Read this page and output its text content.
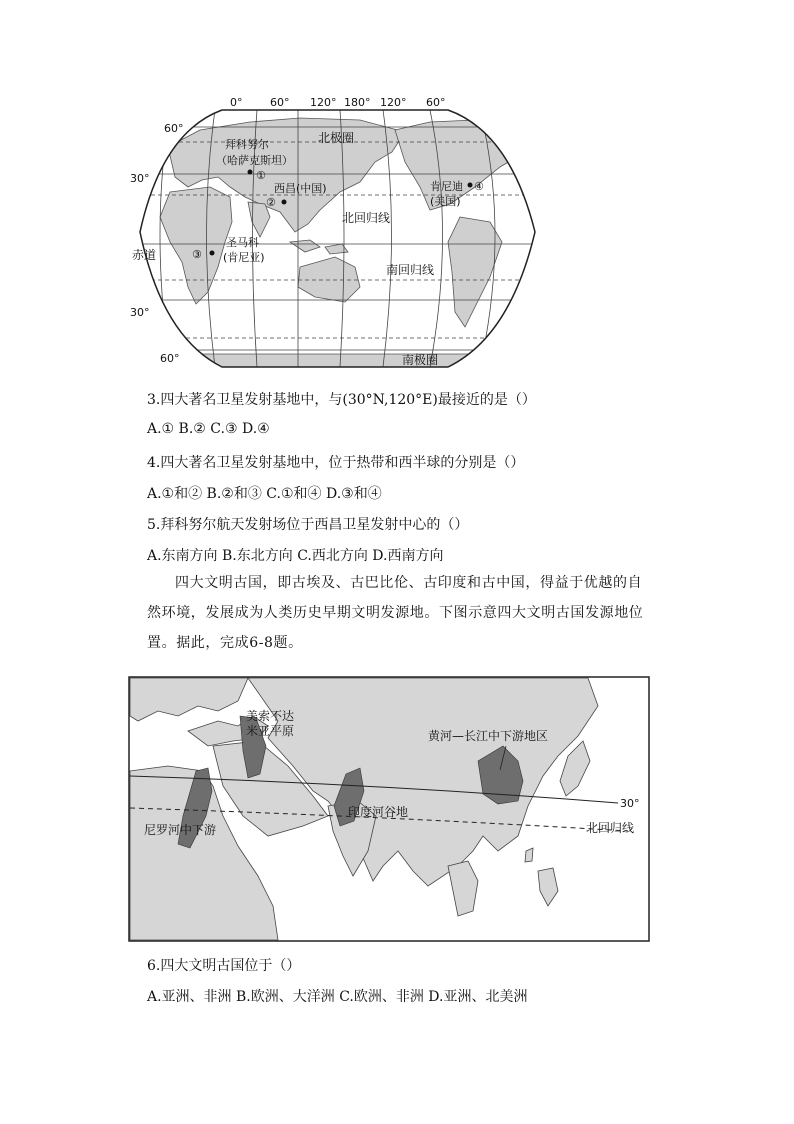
0°	60° 120° 180° 120° 60°
60°
30°
赤道
30°
60°
北极圈
北回归线
南回归线
南极圈
拜科努尔
（哈萨克斯坦）
①
西昌(中国)
②
圣马科
(肯尼亚)
③
肯尼迪 ④
(美国)
3.四大著名卫星发射基地中，与(30°N,120°E)最接近的是（）
A.① B.② C.③ D.④
4.四大著名卫星发射基地中，位于热带和西半球的分别是（）
A.①和② B.②和③ C.①和④ D.③和④
5.拜科努尔航天发射场位于西昌卫星发射中心的（）
A.东南方向 B.东北方向 C.西北方向 D.西南方向
四大文明古国，即古埃及、古巴比伦、古印度和古中国，得益于优越的自然环境，发展成为人类历史早期文明发源地。下图示意四大文明古国发源地位置。据此，完成6-8题。
美索不达
米亚平原	黄河—长江中下游地区
印度河谷地
尼罗河中下游
30°
北回归线
6.四大文明古国位于（）
A.亚洲、非洲 B.欧洲、大洋洲 C.欧洲、非洲 D.亚洲、北美洲
